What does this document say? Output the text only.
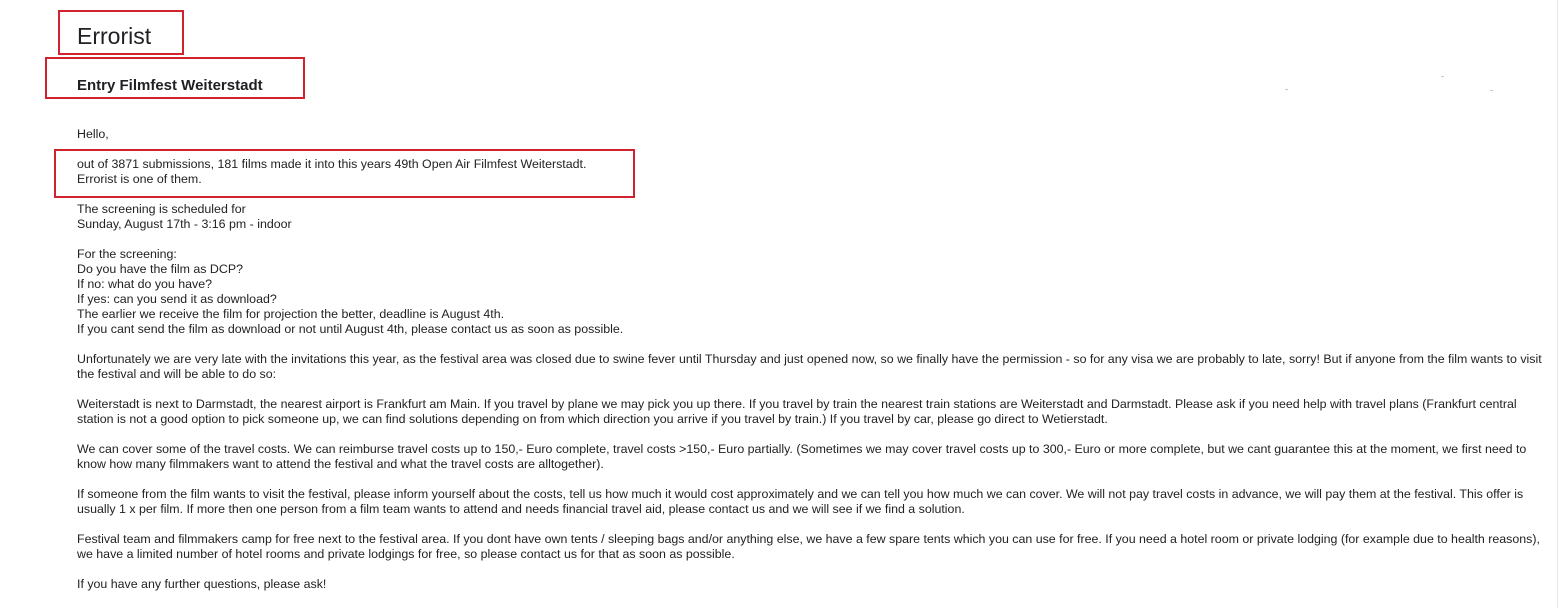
Errorist
Entry Filmfest Weiterstadt

Hello,

out of 3871 submissions, 181 films made it into this years 49th Open Air Filmfest Weiterstadt.
Errorist is one of them.

The screening is scheduled for
Sunday, August 17th - 3:16 pm - indoor

For the screening:
Do you have the film as DCP?
If no: what do you have?
If yes: can you send it as download?
The earlier we receive the film for projection the better, deadline is August 4th.
If you cant send the film as download or not until August 4th, please contact us as soon as possible.

Unfortunately we are very late with the invitations this year, as the festival area was closed due to swine fever until Thursday and just opened now, so we finally have the permission - so for any visa we are probably to late, sorry! But if anyone from the film wants to visit the festival and will be able to do so:

Weiterstadt is next to Darmstadt, the nearest airport is Frankfurt am Main. If you travel by plane we may pick you up there. If you travel by train the nearest train stations are Weiterstadt and Darmstadt. Please ask if you need help with travel plans (Frankfurt central station is not a good option to pick someone up, we can find solutions depending on from which direction you arrive if you travel by train.) If you travel by car, please go direct to Wetierstadt.

We can cover some of the travel costs. We can reimburse travel costs up to 150,- Euro complete, travel costs >150,- Euro partially. (Sometimes we may cover travel costs up to 300,- Euro or more complete, but we cant guarantee this at the moment, we first need to know how many filmmakers want to attend the festival and what the travel costs are alltogether).

If someone from the film wants to visit the festival, please inform yourself about the costs, tell us how much it would cost approximately and we can tell you how much we can cover. We will not pay travel costs in advance, we will pay them at the festival. This offer is usually 1 x per film. If more then one person from a film team wants to attend and needs financial travel aid, please contact us and we will see if we find a solution.

Festival team and filmmakers camp for free next to the festival area. If you dont have own tents / sleeping bags and/or anything else, we have a few spare tents which you can use for free. If you need a hotel room or private lodging (for example due to health reasons), we have a limited number of hotel rooms and private lodgings for free, so please contact us for that as soon as possible.

If you have any further questions, please ask!
